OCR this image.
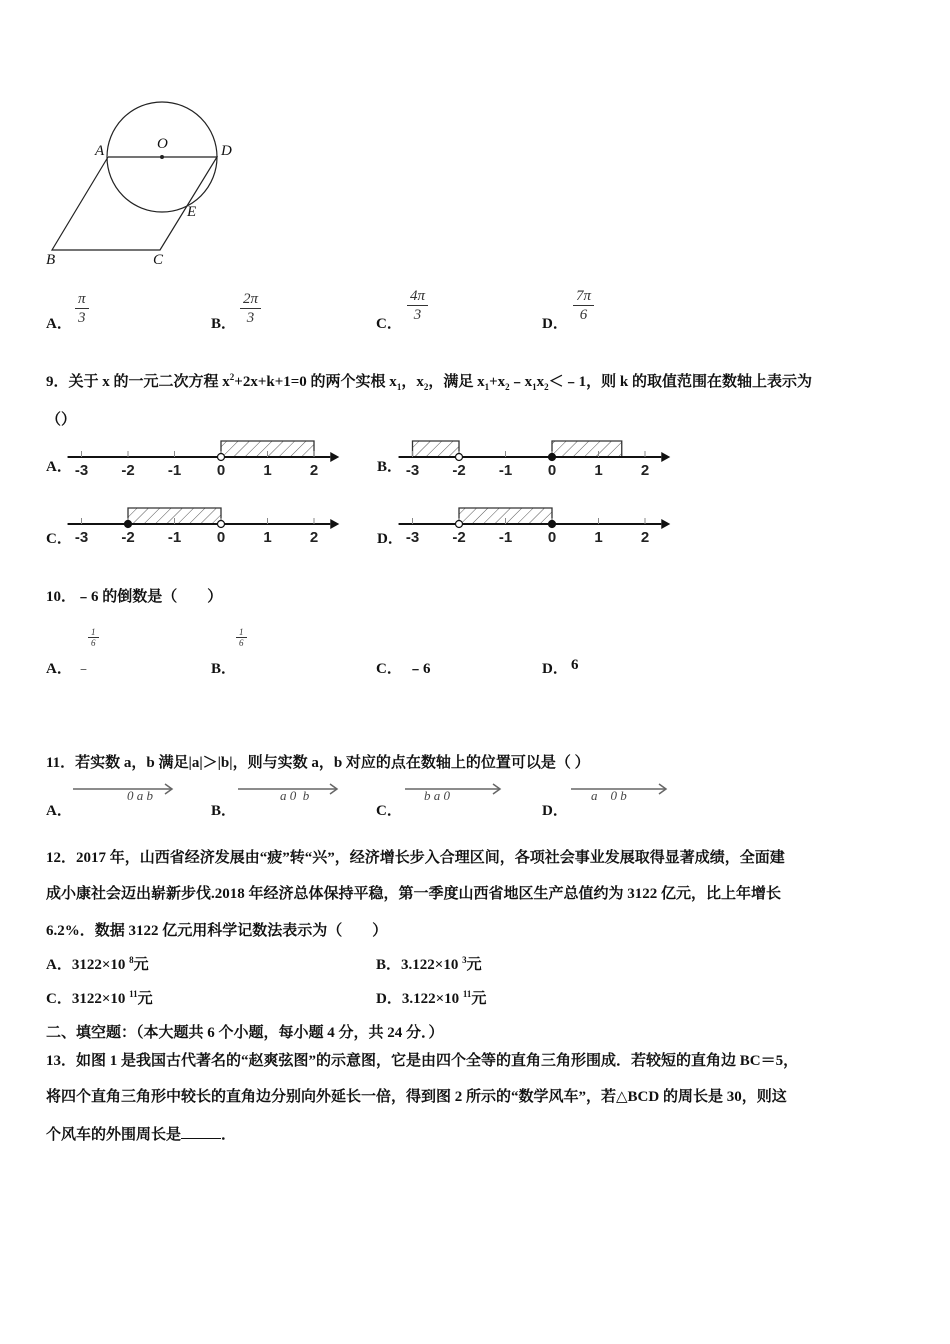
A	O	D
E
B	C
A． $\frac{\pi}{3}$	B． $\frac{2\pi}{3}$	C． $\frac{4\pi}{3}$	D． $\frac{7\pi}{6}$
9．关于 x 的一元二次方程 $x^2+2x+k+1=0$ 的两个实根 $x_1$，$x_2$，满足 $x_1+x_2﹣x_1x_2<﹣1$，则 k 的取值范围在数轴上表示为
（）
A．	B．
C．	D．
-3 -2 -1 0	1	2	-3 -2 -1 0	1	2
-3 -2 -1 0	1	2	-3 -2 -1 0	1	2
10．﹣6 的倒数是（　　）
A． ﹣
$\frac{1}{6}$
B．
$\frac{1}{6}$
C． ﹣6	D． 6
11．若实数 a，b 满足|a|＞|b|，则与实数 a，b 对应的点在数轴上的位置可以是（ ）
A．	B．	C．	D．
0 a b	a 0  b	b a 0	a    0 b
12．2017 年，山西省经济发展由“疲”转“兴”，经济增长步入合理区间，各项社会事业发展取得显著成绩，全面建
成小康社会迈出崭新步伐.2018 年经济总体保持平稳，第一季度山西省地区生产总值约为 3122 亿元，比上年增长
6.2%．数据 3122 亿元用科学记数法表示为（　　）
A．3122×10 $^8$元	B．3.122×10 $^3$元
C．3122×10 $^{11}$元	D．3.122×10 $^{11}$元
二、填空题：（本大题共 6 个小题，每小题 4 分，共 24 分．）
13．如图 1 是我国古代著名的“赵爽弦图”的示意图，它是由四个全等的直角三角形围成．若较短的直角边 BC＝5，
将四个直角三角形中较长的直角边分别向外延长一倍，得到图 2 所示的“数学风车”，若△BCD 的周长是 30，则这
个风车的外围周长是	．
